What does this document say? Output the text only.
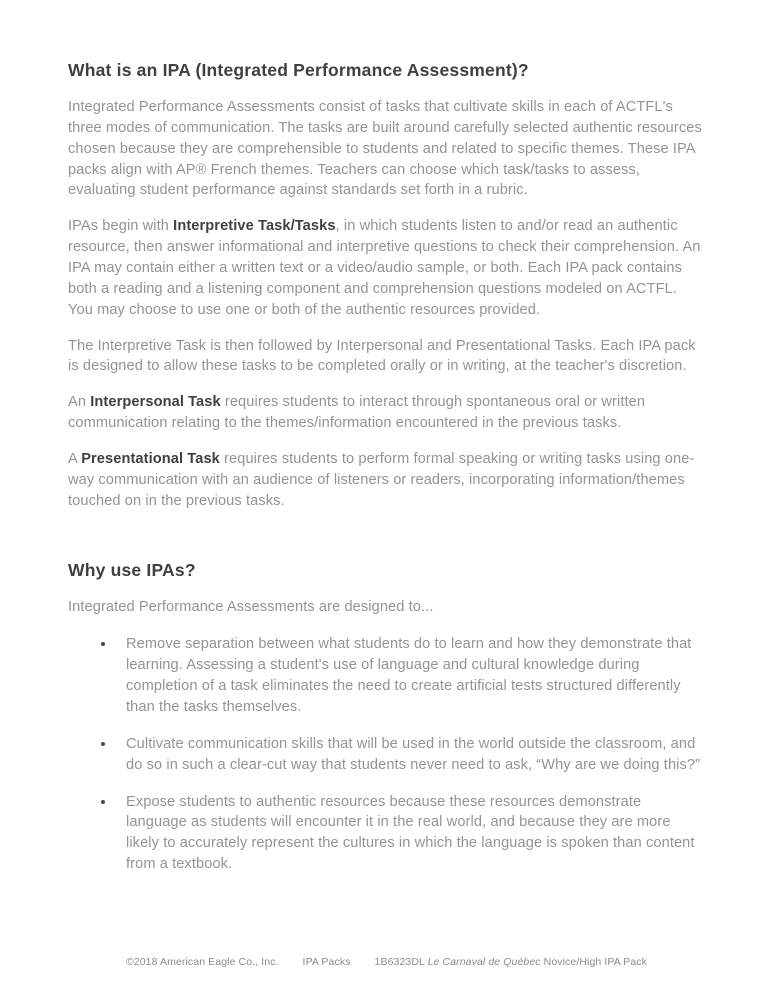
What is an IPA (Integrated Performance Assessment)?

Integrated Performance Assessments consist of tasks that cultivate skills in each of ACTFL's three modes of communication. The tasks are built around carefully selected authentic resources chosen because they are comprehensible to students and related to specific themes. These IPA packs align with AP® French themes. Teachers can choose which task/tasks to assess, evaluating student performance against standards set forth in a rubric.

IPAs begin with Interpretive Task/Tasks, in which students listen to and/or read an authentic resource, then answer informational and interpretive questions to check their comprehension. An IPA may contain either a written text or a video/audio sample, or both. Each IPA pack contains both a reading and a listening component and comprehension questions modeled on ACTFL. You may choose to use one or both of the authentic resources provided.

The Interpretive Task is then followed by Interpersonal and Presentational Tasks. Each IPA pack is designed to allow these tasks to be completed orally or in writing, at the teacher's discretion.

An Interpersonal Task requires students to interact through spontaneous oral or written communication relating to the themes/information encountered in the previous tasks.

A Presentational Task requires students to perform formal speaking or writing tasks using one-way communication with an audience of listeners or readers, incorporating information/themes touched on in the previous tasks.

Why use IPAs?

Integrated Performance Assessments are designed to...

• Remove separation between what students do to learn and how they demonstrate that learning. Assessing a student's use of language and cultural knowledge during completion of a task eliminates the need to create artificial tests structured differently than the tasks themselves.
• Cultivate communication skills that will be used in the world outside the classroom, and do so in such a clear-cut way that students never need to ask, “Why are we doing this?”
• Expose students to authentic resources because these resources demonstrate language as students will encounter it in the real world, and because they are more likely to accurately represent the cultures in which the language is spoken than content from a textbook.
©2018 American Eagle Co., Inc. IPA Packs 1B6323DL Le Carnaval de Québec Novice/High IPA Pack
